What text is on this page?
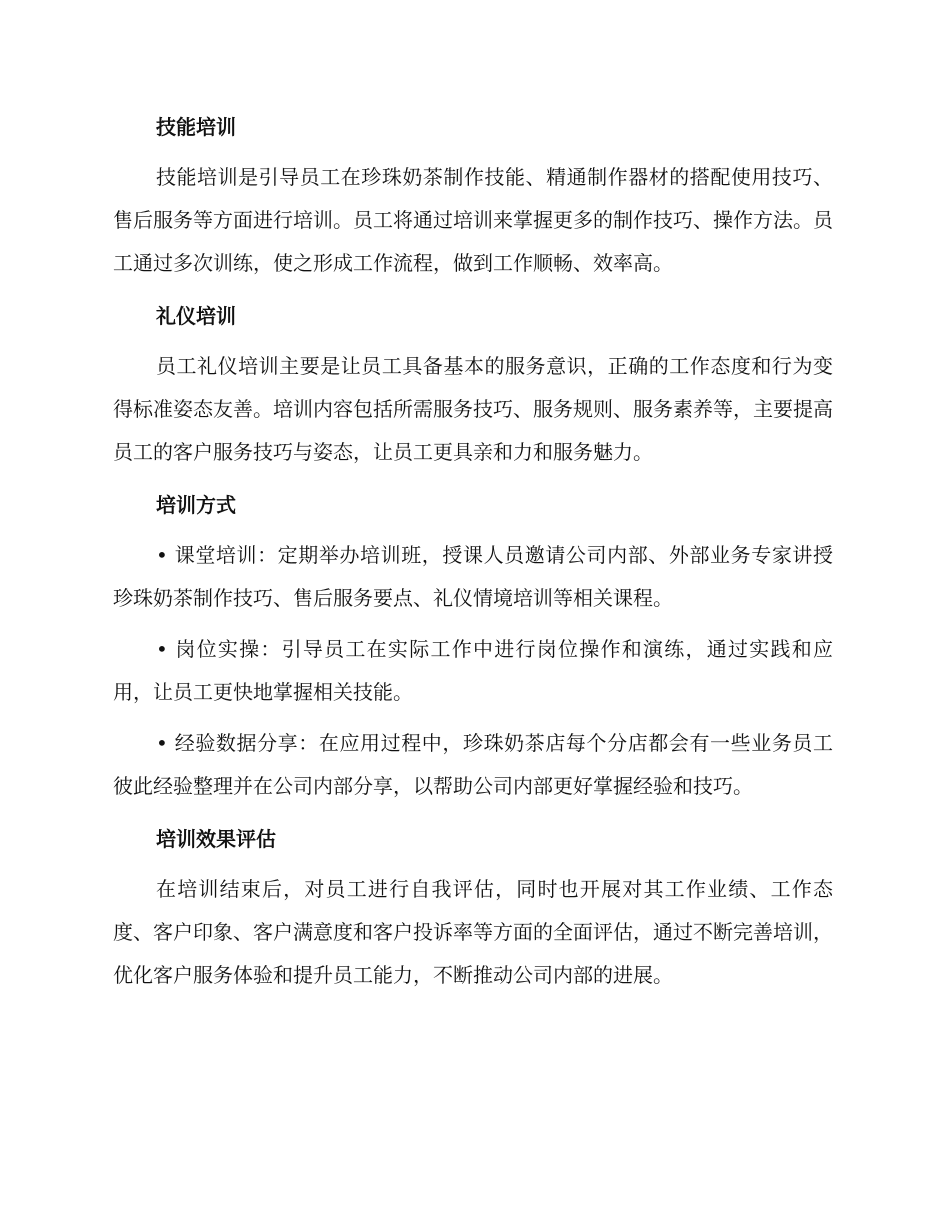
技能培训

技能培训是引导员工在珍珠奶茶制作技能、精通制作器材的搭配使用技巧、售后服务等方面进行培训。员工将通过培训来掌握更多的制作技巧、操作方法。员工通过多次训练，使之形成工作流程，做到工作顺畅、效率高。

礼仪培训

员工礼仪培训主要是让员工具备基本的服务意识，正确的工作态度和行为变得标准姿态友善。培训内容包括所需服务技巧、服务规则、服务素养等，主要提高员工的客户服务技巧与姿态，让员工更具亲和力和服务魅力。

培训方式

• 课堂培训：定期举办培训班，授课人员邀请公司内部、外部业务专家讲授珍珠奶茶制作技巧、售后服务要点、礼仪情境培训等相关课程。

• 岗位实操：引导员工在实际工作中进行岗位操作和演练，通过实践和应用，让员工更快地掌握相关技能。

• 经验数据分享：在应用过程中，珍珠奶茶店每个分店都会有一些业务员工彼此经验整理并在公司内部分享，以帮助公司内部更好掌握经验和技巧。

培训效果评估

在培训结束后，对员工进行自我评估，同时也开展对其工作业绩、工作态度、客户印象、客户满意度和客户投诉率等方面的全面评估，通过不断完善培训，优化客户服务体验和提升员工能力，不断推动公司内部的进展。
